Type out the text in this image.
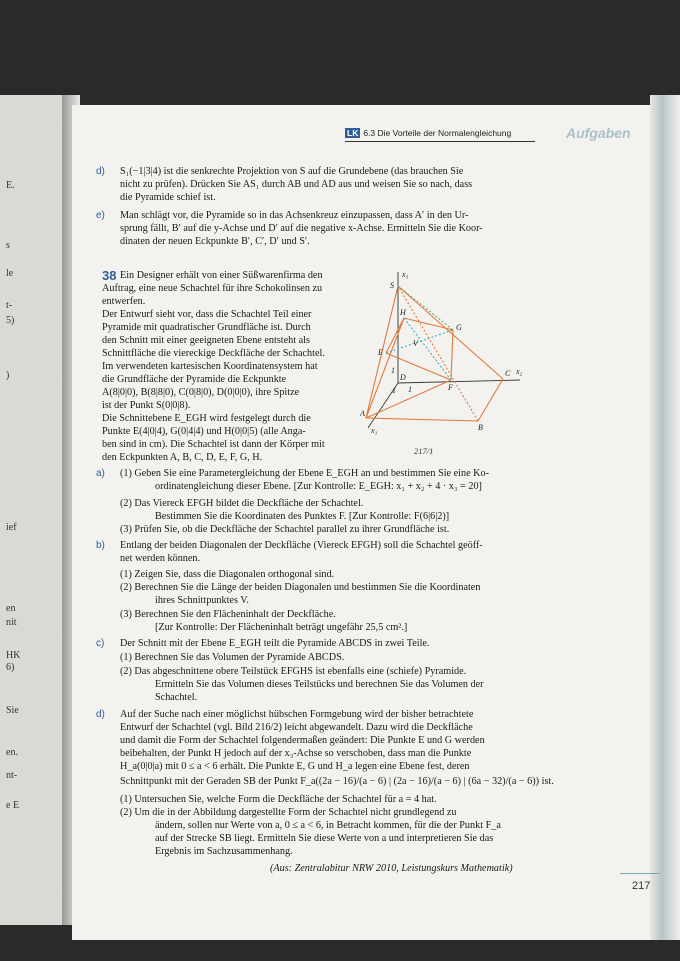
E.
s
le
t-
5)
)
ief
en
nit
HK
6)
Sie
en.
nt-
e E
LK 6.3 Die Vorteile der Normalengleichung	Aufgaben
d) S₁(−1|3|4) ist die senkrechte Projektion von S auf die Grundebene (das brauchen Sie
nicht zu prüfen). Drücken Sie AS₁ durch AB und AD aus und weisen Sie so nach, dass
die Pyramide schief ist.
e) Man schlägt vor, die Pyramide so in das Achsenkreuz einzupassen, dass A′ in den Ur-
sprung fällt, B′ auf die y-Achse und D′ auf die negative x-Achse. Ermitteln Sie die Koor-
dinaten der neuen Eckpunkte B′, C′, D′ und S′.
Ein Designer erhält von einer Süßwarenfirma den
Auftrag, eine neue Schachtel für ihre Schokolinsen zu
entwerfen.
Der Entwurf sieht vor, dass die Schachtel Teil einer
Pyramide mit quadratischer Grundfläche ist. Durch
den Schnitt mit einer geeigneten Ebene entsteht als
Schnittfläche die viereckige Deckfläche der Schachtel.
Im verwendeten kartesischen Koordinatensystem hat
die Grundfläche der Pyramide die Eckpunkte
A(8|0|0), B(8|8|0), C(0|8|0), D(0|0|0), ihre Spitze
ist der Punkt S(0|0|8).
Die Schnittebene E_EGH wird festgelegt durch die
Punkte E(4|0|4), G(0|4|4) und H(0|0|5) (alle Anga-
ben sind in cm). Die Schachtel ist dann der Körper mit
den Eckpunkten A, B, C, D, E, F, G, H.
a) (1) Geben Sie eine Parametergleichung der Ebene E_EGH an und bestimmen Sie eine Ko-
ordinatengleichung dieser Ebene. [Zur Kontrolle: E_EGH: x₁ + x₂ + 4 · x₃ = 20]
(2) Das Viereck EFGH bildet die Deckfläche der Schachtel.
Bestimmen Sie die Koordinaten des Punktes F. [Zur Kontrolle: F(6|6|2)]
(3) Prüfen Sie, ob die Deckfläche der Schachtel parallel zu ihrer Grundfläche ist.
b) Entlang der beiden Diagonalen der Deckfläche (Viereck EFGH) soll die Schachtel geöff-
net werden können.
(1) Zeigen Sie, dass die Diagonalen orthogonal sind.
(2) Berechnen Sie die Länge der beiden Diagonalen und bestimmen Sie die Koordinaten
ihres Schnittpunktes V.
(3) Berechnen Sie den Flächeninhalt der Deckfläche.
[Zur Kontrolle: Der Flächeninhalt beträgt ungefähr 25,5 cm².]
c) Der Schnitt mit der Ebene E_EGH teilt die Pyramide ABCDS in zwei Teile.
(1) Berechnen Sie das Volumen der Pyramide ABCDS.
(2) Das abgeschnittene obere Teilstück EFGHS ist ebenfalls eine (schiefe) Pyramide.
Ermitteln Sie das Volumen dieses Teilstücks und berechnen Sie das Volumen der
Schachtel.
d) Auf der Suche nach einer möglichst hübschen Formgebung wird der bisher betrachtete
Entwurf der Schachtel (vgl. Bild 216/2) leicht abgewandelt. Dazu wird die Deckfläche
und damit die Form der Schachtel folgendermaßen geändert: Die Punkte E und G werden
beibehalten, der Punkt H jedoch auf der x₃-Achse so verschoben, dass man die Punkte
H_a(0|0|a) mit 0 ≤ a < 6 erhält. Die Punkte E, G und H_a legen eine Ebene fest, deren
Schnittpunkt mit der Geraden SB der Punkt F_a((2a − 16)/(a − 6) | (2a − 16)/(a − 6) | (6a − 32)/(a − 6)) ist.
(1) Untersuchen Sie, welche Form die Deckfläche der Schachtel für a = 4 hat.
(2) Um die in der Abbildung dargestellte Form der Schachtel nicht grundlegend zu
ändern, sollen nur Werte von a, 0 ≤ a < 6, in Betracht kommen, für die der Punkt F_a
auf der Strecke SB liegt. Ermitteln Sie diese Werte von a und interpretieren Sie das
Ergebnis im Sachzusammenhang.
(Aus: Zentralabitur NRW 2010, Leistungskurs Mathematik)
38	x₃
S
H
G
E
V
D	C x₂
F
A
B
x₁
1
1
1
217/1
217
